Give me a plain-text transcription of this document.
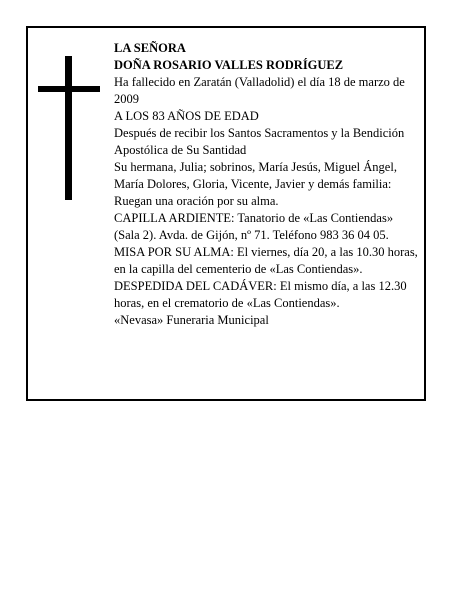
LA SEÑORA
DOÑA ROSARIO VALLES RODRÍGUEZ
Ha fallecido en Zaratán (Valladolid) el día 18 de marzo de 2009
A LOS 83 AÑOS DE EDAD
Después de recibir los Santos Sacramentos y la Bendición Apostólica de Su Santidad
Su hermana, Julia; sobrinos, María Jesús, Miguel Ángel, María Dolores, Gloria, Vicente, Javier y demás familia:
Ruegan una oración por su alma.
CAPILLA ARDIENTE: Tanatorio de «Las Contiendas» (Sala 2). Avda. de Gijón, nº 71. Teléfono 983 36 04 05.
MISA POR SU ALMA: El viernes, día 20, a las 10.30 horas, en la capilla del cementerio de «Las Contiendas».
DESPEDIDA DEL CADÁVER: El mismo día, a las 12.30 horas, en el crematorio de «Las Contiendas».
«Nevasa» Funeraria Municipal
